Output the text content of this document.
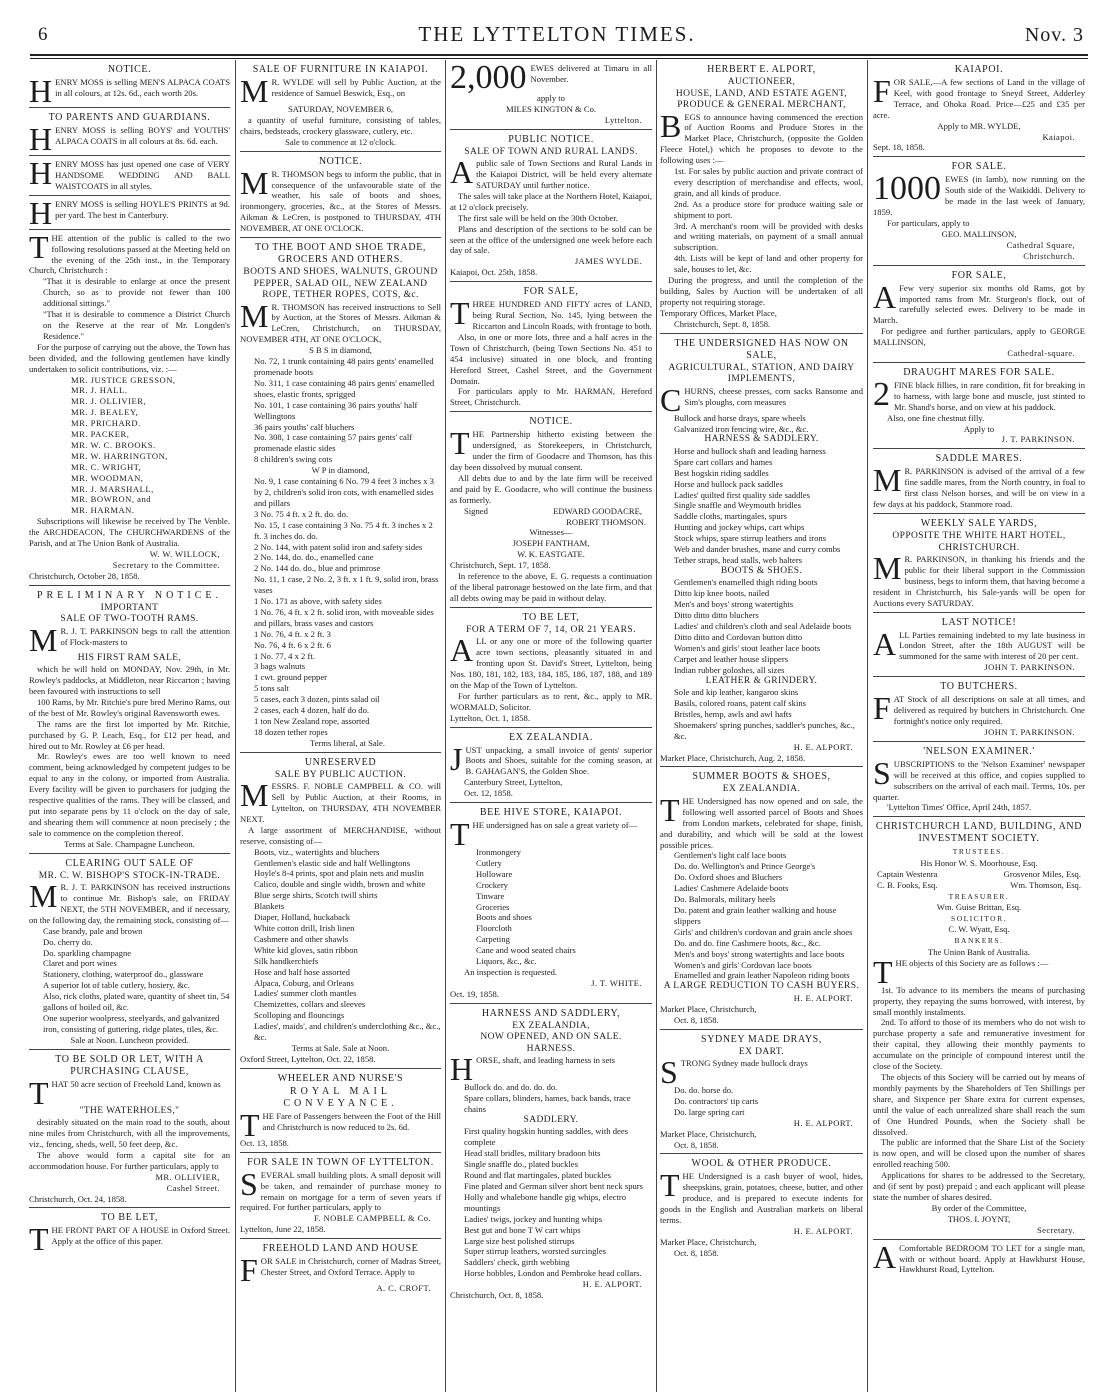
6	THE LYTTELTON TIMES.	Nov. 3
NOTICE.
HENRY MOSS is selling MEN'S ALPACA COATS in all colours, at 12s. 6d., each worth 20s.
TO PARENTS AND GUARDIANS.
HENRY MOSS is selling BOYS' and YOUTHS' ALPACA COATS in all colours at 8s. 6d. each.
HENRY MOSS has just opened one case of VERY HANDSOME WEDDING AND BALL WAISTCOATS in all styles.
HENRY MOSS is selling HOYLE'S PRINTS at 9d. per yard. The best in Canterbury.
THE attention of the public is called to the two following resolutions passed at the Meeting held on the evening of the 25th inst., in the Temporary Church, Christchurch :
"That it is desirable to enlarge at once the present Church, so as to provide not fewer than 100 additional sittings."
"That it is desirable to commence a District Church on the Reserve at the rear of Mr. Longden's Residence."

For the purpose of carrying out the above, the Town has been divided, and the following gentlemen have kindly undertaken to solicit contributions, viz. :—

MR. JUSTICE GRESSON,
MR. J. HALL.
MR. J. OLLIVIER,
MR. J. BEALEY,
MR. PRICHARD.
MR. PACKER,
MR. W. C. BROOKS.
MR. W. HARRINGTON,
MR. C. WRIGHT,
MR. WOODMAN,
MR. J. MARSHALL,
MR. BOWRON, and
MR. HARMAN.

Subscriptions will likewise be received by The Venble. the ARCHDEACON, The CHURCHWARDENS of the Parish, and at The Union Bank of Australia.

W. W. WILLOCK,
Secretary to the Committee.
Christchurch, October 28, 1858.
PRELIMINARY NOTICE.
IMPORTANT
SALE OF TWO-TOOTH RAMS.
M R. J. T. PARKINSON begs to call the attention of Flock-masters to
HIS FIRST RAM SALE,

which he will hold on MONDAY, Nov. 29th, in Mr. Rowley's paddocks, at Middleton, near Riccarton ; having been favoured with instructions to sell

100 Rams, by Mr. Ritchie's pure bred Merino Rams, out of the best of Mr. Rowley's original Ravensworth ewes.

The rams are the first lot imported by Mr. Ritchie, purchased by G. P. Leach, Esq., for £12 per head, and hired out to Mr. Rowley at £6 per head.

Mr. Rowley's ewes are too well known to need comment, being acknowledged by competent judges to be equal to any in the colony, or imported from Australia. Every facility will be given to purchasers for judging the respective qualities of the rams. They will be classed, and put into separate pens by 11 o'clock on the day of sale, and shearing them will commence at noon precisely ; the sale to commence on the completion thereof.

Terms at Sale. Champagne Luncheon.
CLEARING OUT SALE OF
MR. C. W. BISHOP'S STOCK-IN-TRADE.
M R. J. T. PARKINSON has received instructions to continue Mr. Bishop's sale, on FRIDAY NEXT, the 5TH NOVEMBER, and if necessary, on the following day, the remaining stock, consisting of—
Case brandy, pale and brown
Do. cherry do.
Do. sparkling champagne
Claret and port wines
Stationery, clothing, waterproof do., glassware
A superior lot of table cutlery, hosiery, &c.
Also, rick cloths, plated ware, quantity of sheet tin, 54 gallons of boiled oil, &c.
One superior woolpress, steelyards, and galvanized iron, consisting of guttering, ridge plates, tiles, &c.
Sale at Noon. Luncheon provided.
TO BE SOLD OR LET, WITH A PURCHASING CLAUSE,
THAT 50 acre section of Freehold Land, known as
"THE WATERHOLES,"

desirably situated on the main road to the south, about nine miles from Christchurch, with all the improvements, viz., fencing, sheds, well, 50 feet deep, &c.

The above would form a capital site for an accommodation house. For further particulars, apply to

MR. OLLIVIER,
Cashel Street.
Christchurch, Oct. 24, 1858.
TO BE LET,
THE FRONT PART OF A HOUSE in Oxford Street. Apply at the office of this paper.
SALE OF FURNITURE IN KAIAPOI.
M R. WYLDE will sell by Public Auction, at the residence of Samuel Beswick, Esq., on
SATURDAY, NOVEMBER 6,

a quantity of useful furniture, consisting of tables, chairs, bedsteads, crockery glassware, cutlery, etc.

Sale to commence at 12 o'clock.
NOTICE.
M R. THOMSON begs to inform the public, that in consequence of the unfavourable state of the weather, his sale of boots and shoes, ironmongery, groceries, &c., at the Stores of Messrs. Aikman & LeCren, is postponed to THURSDAY, 4TH NOVEMBER, AT ONE O'CLOCK.
TO THE BOOT AND SHOE TRADE, GROCERS AND OTHERS.
BOOTS AND SHOES, WALNUTS, GROUND PEPPER, SALAD OIL, NEW ZEALAND ROPE, TETHER ROPES, COTS, &c.
M R. THOMSON has received instructions to Sell by Auction, at the Stores of Messrs. Aikman & LeCren, Christchurch, on THURSDAY, NOVEMBER 4TH, AT ONE O'CLOCK,
S B S in diamond,
No. 72, 1 trunk containing 48 pairs gents' enamelled promenade boots
No. 311, 1 case containing 48 pairs gents' enamelled shoes, elastic fronts, sprigged
No. 101, 1 case containing 36 pairs youths' half Wellingtons
36 pairs youths' calf bluchers
No. 308, 1 case containing 57 pairs gents' calf promenade elastic sides
8 children's swing cots
W P in diamond,
No. 9, 1 case containing 6 No. 79 4 feet 3 inches x 3 by 2, children's solid iron cots, with enamelled sides and pillars
3 No. 75 4 ft. x 2 ft. do. do.
No. 15, 1 case containing 3 No. 75 4 ft. 3 inches x 2 ft. 3 inches do. do.
2 No. 144, with patent solid iron and safety sides
2 No. 144, do. do., enamelled cane
2 No. 144 do. do., blue and primrose
No. 11, 1 case, 2 No. 2, 3 ft. x 1 ft. 9, solid iron, brass vases
1 No. 171 as above, with safety sides
1 No. 76, 4 ft. x 2 ft. solid iron, with moveable sides and pillars, brass vases and castors
1 No. 76, 4 ft. x 2 ft. 3
No. 76, 4 ft. 6 x 2 ft. 6
1 No. 77, 4 x 2 ft.
3 bags walnuts
1 cwt. ground pepper
5 tons salt
5 cases, each 3 dozen, pints salad oil
2 cases, each 4 dozen, half do do.
1 ton New Zealand rope, assorted
18 dozen tether ropes
Terms liberal, at Sale.
UNRESERVED
SALE BY PUBLIC AUCTION.
MESSRS. F. NOBLE CAMPBELL & CO. will Sell by Public Auction, at their Rooms, in Lyttelton, on THURSDAY, 4TH NOVEMBER NEXT.

A large assortment of MERCHANDISE, without reserve, consisting of—

Boots, viz., watertights and bluchers
Gentlemen's elastic side and half Wellingtons
Hoyle's 8-4 prints, spot and plain nets and muslin
Calico, double and single width, brown and white
Blue serge shirts, Scotch twill shirts
Blankets
Diaper, Holland, huckaback
White cotton drill, Irish linen
Cashmere and other shawls
White kid gloves, satin ribbon
Silk handkerchiefs
Hose and half hose assorted
Alpaca, Coburg, and Orleans
Ladies' summer cloth mantles
Chemizettes, collars and sleeves
Scolloping and flouncings
Ladies', maids', and children's underclothing &c., &c., &c.
Terms at Sale. Sale at Noon.
Oxford Street, Lyttelton, Oct. 22, 1858.
WHEELER AND NURSE'S
ROYAL MAIL CONVEYANCE.
THE Fare of Passengers between the Foot of the Hill and Christchurch is now reduced to 2s. 6d.
Oct. 13, 1858.
FOR SALE IN TOWN OF LYTTELTON.
SEVERAL small building plots. A small deposit will be taken, and remainder of purchase money to remain on mortgage for a term of seven years if required. For further particulars, apply to
F. NOBLE CAMPBELL & Co.
Lyttelton, June 22, 1858.
FREEHOLD LAND AND HOUSE
FOR SALE in Christchurch, corner of Madras Street, Chester Street, and Oxford Terrace. Apply to
A. C. CROFT.
2,000 EWES delivered at Timaru in all November.
apply to
MILES KINGTON & Co.
Lyttelton.
PUBLIC NOTICE.
SALE OF TOWN AND RURAL LANDS.
Apublic sale of Town Sections and Rural Lands in the Kaiapoi District, will be held every alternate SATURDAY until further notice.

The sales will take place at the Northern Hotel, Kaiapoi, at 12 o'clock precisely.

The first sale will be held on the 30th October.

Plans and description of the sections to be sold can be seen at the office of the undersigned one week before each day of sale.

JAMES WYLDE.
Kaiapoi, Oct. 25th, 1858.
FOR SALE,
THREE HUNDRED AND FIFTY acres of LAND, being Rural Section, No. 145, lying between the Riccarton and Lincoln Roads, with frontage to both.

Also, in one or more lots, three and a half acres in the Town of Christchurch, (being Town Sections No. 451 to 454 inclusive) situated in one block, and fronting Hereford Street, Cashel Street, and the Government Domain.

For particulars apply to Mr. HARMAN, Hereford Street, Christchurch.

NOTICE.
THE Partnership hitherto existing between the undersigned, as Storekeepers, in Christchurch, under the firm of Goodacre and Thomson, has this day been dissolved by mutual consent.

All debts due to and by the late firm will be received and paid by E. Goodacre, who will continue the business as formerly.

Signed	EDWARD GOODACRE,
ROBERT THOMSON.
Witnesses—
JOSEPH FANTHAM,
W. K. EASTGATE.
Christchurch, Sept. 17, 1858.

In reference to the above, E. G. requests a continuation of the liberal patronage bestowed on the late firm, and that all debts owing may be paid in without delay.

TO BE LET,
FOR A TERM OF 7, 14, OR 21 YEARS.
ALL or any one or more of the following quarter acre town sections, pleasantly situated in and fronting upon St. David's Street, Lyttelton, being Nos. 180, 181, 182, 183, 184, 185, 186, 187, 188, and 189 on the Map of the Town of Lyttelton.

For further particulars as to rent, &c., apply to MR. WORMALD, Solicitor.

Lyttelton, Oct. 1, 1858.
EX ZEALANDIA.
JUST unpacking, a small invoice of gents' superior Boots and Shoes, suitable for the coming season, at B. GAHAGAN'S, the Golden Shoe.
Canterbury Street, Lyttelton,
Oct. 12, 1858.
BEE HIVE STORE, KAIAPOI.
THE undersigned has on sale a great variety of—
Ironmongery
Cutlery
Holloware
Crockery
Tinware
Groceries
Boots and shoes
Floorcloth
Carpeting
Cane and wood seated chairs
Liquors, &c., &c.
An inspection is requested.
J. T. WHITE.
Oct. 19, 1858.
HARNESS AND SADDLERY,
EX ZEALANDIA,
NOW OPENED, AND ON SALE.
HARNESS.
HORSE, shaft, and leading harness in sets
Bullock do. and do. do. do.
Spare collars, blinders, hames, back bands, trace chains
SADDLERY.
First quality hogskin hunting saddles, with dees complete
Head stall bridles, military bradoon bits
Single snaffle do., plated buckles
Round and flat martingales, plated buckles
Fine plated and German silver short bent neck spurs
Holly and whalebone handle gig whips, electro mountings
Ladies' twigs, jockey and hunting whips
Best gut and bone T W cart whips
Large size best polished stirrups
Super stirrup leathers, worsted surcingles
Saddlers' check, girth webbing
Horse hobbles, London and Pembroke head collars.
H. E. ALPORT.
Christchurch, Oct. 8, 1858.
HERBERT E. ALPORT,
AUCTIONEER,
HOUSE, LAND, AND ESTATE AGENT, PRODUCE & GENERAL MERCHANT,
BEGS to announce having commenced the erection of Auction Rooms and Produce Stores in the Market Place, Christchurch, (opposite the Golden Fleece Hotel,) which he proposes to devote to the following uses :—
1st. For sales by public auction and private contract of every description of merchandise and effects, wool, grain, and all kinds of produce.
2nd. As a produce store for produce waiting sale or shipment to port.
3rd. A merchant's room will be provided with desks and writing materials, on payment of a small annual subscription.
4th. Lists will be kept of land and other property for sale, houses to let, &c.

During the progress, and until the completion of the building, Sales by Auction will be undertaken of all property not requiring storage.

Temporary Offices, Market Place,
Christchurch, Sept. 8, 1858.
THE UNDERSIGNED HAS NOW ON SALE,
AGRICULTURAL, STATION, AND DAIRY IMPLEMENTS,
CHURNS, cheese presses, corn sacks Ransome and Sim's ploughs, corn measures
Bullock and horse drays, spare wheels
Galvanized iron fencing wire, &c., &c.
HARNESS & SADDLERY.
Horse and bullock shaft and leading harness
Spare cart collars and hames
Best hogskin riding saddles
Horse and bullock pack saddles
Ladies' quilted first quality side saddles
Single snaffle and Weymouth bridles
Saddle cloths, martingales, spurs
Hunting and jockey whips, cart whips
Stock whips, spare stirrup leathers and irons
Web and dander brushes, mane and curry combs
Tether straps, head stalls, web halters
BOOTS & SHOES.
Gentlemen's enamelled thigh riding boots
Ditto kip knee boots, nailed
Men's and boys' strong watertights
Ditto ditto ditto bluchers
Ladies' and children's cloth and seal Adelaide boots
Ditto ditto and Cordovan button ditto
Women's and girls' stout leather lace boots
Carpet and leather house slippers
Indian rubber goloshes, all sizes
LEATHER & GRINDERY.
Sole and kip leather, kangaroo skins
Basils, colored roans, patent calf skins
Bristles, hemp, awls and awl hafts
Shoemakers' spring punches, saddler's punches, &c., &c.
H. E. ALPORT.
Market Place, Christchurch, Aug. 2, 1858.
SUMMER BOOTS & SHOES,
EX ZEALANDIA.
THE Undersigned has now opened and on sale, the following well assorted parcel of Boots and Shoes from London markets, celebrated for shape, finish, and durability, and which will be sold at the lowest possible prices.
Gentlemen's light calf lace boots
Do. do. Wellington's and Prince George's
Do. Oxford shoes and Bluchers
Ladies' Cashmere Adelaide boots
Do. Balmorals, military heels
Do. patent and grain leather walking and house slippers
Girls' and children's cordovan and grain ancle shoes
Do. and do. fine Cashmere boots, &c., &c.
Men's and boys' strong watertights and lace boots
Women's and girls' Cordovan lace boots
Enamelled and grain leather Napoleon riding boots
A LARGE REDUCTION TO CASH BUYERS.
H. E. ALPORT.
Market Place, Christchurch,
Oct. 8, 1858.
SYDNEY MADE DRAYS,
EX DART.
STRONG Sydney made bullock drays
Do. do. horse do.
Do. contractors' tip carts
Do. large spring cart
H. E. ALPORT.
Market Place, Christchurch,
Oct. 8, 1858.
WOOL & OTHER PRODUCE.
THE Undersigned is a cash buyer of wool, hides, sheepskins, grain, potatoes, cheese, butter, and other produce, and is prepared to execute indents for goods in the English and Australian markets on liberal terms.
H. E. ALPORT.
Market Place, Christchurch,
Oct. 8, 1858.
KAIAPOI.
FOR SALE,—A few sections of Land in the village of Keel, with good frontage to Sneyd Street, Adderley Terrace, and Ohoka Road. Price—£25 and £35 per acre.
Apply to MR. WYLDE,
Kaiapoi.
Sept. 18, 1858.
FOR SALE.
1000 EWES (in lamb), now running on the South side of the Waikiddi. Delivery to be made in the last week of January, 1859.
For particulars, apply to
GEO. MALLINSON,
Cathedral Square,
Christchurch.
FOR SALE,
A Few very superior six months old Rams, got by imported rams from Mr. Sturgeon's flock, out of carefully selected ewes. Delivery to be made in March.

For pedigree and further particulars, apply to GEORGE MALLINSON,

Cathedral-square.
DRAUGHT MARES FOR SALE.
2 FINE black fillies, in rare condition, fit for breaking in to harness, with large bone and muscle, just stinted to Mr. Shand's horse, and on view at his paddock.
Also, one fine chestnut filly.
Apply to
J. T. PARKINSON.
SADDLE MARES.
M R. PARKINSON is advised of the arrival of a few fine saddle mares, from the North country, in foal to first class Nelson horses, and will be on view in a few days at his paddock, Stanmore road.
WEEKLY SALE YARDS,
OPPOSITE THE WHITE HART HOTEL, CHRISTCHURCH.
M R. PARKINSON, in thanking his friends and the public for their liberal support in the Commission business, begs to inform them, that having become a resident in Christchurch, his Sale-yards will be open for Auctions every SATURDAY.
LAST NOTICE!
ALL Parties remaining indebted to my late business in London Street, after the 18th AUGUST will be summoned for the same with interest of 20 per cent.
JOHN T. PARKINSON.
TO BUTCHERS.
FAT Stock of all descriptions on sale at all times, and delivered as required by butchers in Christchurch. One fortnight's notice only required.
JOHN T. PARKINSON.
'NELSON EXAMINER.'
SUBSCRIPTIONS to the 'Nelson Examiner' newspaper will be received at this office, and copies supplied to subscribers on the arrival of each mail. Terms, 10s. per quarter.
'Lyttelton Times' Office, April 24th, 1857.
CHRISTCHURCH LAND, BUILDING, AND INVESTMENT SOCIETY.
TRUSTEES.
His Honor W. S. Moorhouse, Esq.
Captain Westenra	Grosvenor Miles, Esq.
C. B. Fooks, Esq.	Wm. Thomson, Esq.
TREASURER.
Wm. Guise Brittan, Esq.
SOLICITOR.
C. W. Wyatt, Esq.
BANKERS.
The Union Bank of Australia.
THE objects of this Society are as follows :—

1st. To advance to its members the means of purchasing property, they repaying the sums borrowed, with interest, by small monthly instalments.

2nd. To afford to those of its members who do not wish to purchase property a safe and remunerative investment for their capital, they allowing their monthly payments to accumulate on the principle of compound interest until the close of the Society.

The objects of this Society will be carried out by means of monthly payments by the Shareholders of Ten Shillings per share, and Sixpence per Share extra for current expenses, until the value of each unrealized share shall reach the sum of One Hundred Pounds, when the Society shall be dissolved.

The public are informed that the Share List of the Society is now open, and will be closed upon the number of shares enrolled reaching 500.

Applications for shares to be addressed to the Secretary, and (if sent by post) prepaid ; and each applicant will please state the number of shares desired.

By order of the Committee,
THOS. I. JOYNT,
Secretary.
A Comfortable BEDROOM TO LET for a single man, with or without board. Apply at Hawkhurst House, Hawkhurst Road, Lyttelton.
